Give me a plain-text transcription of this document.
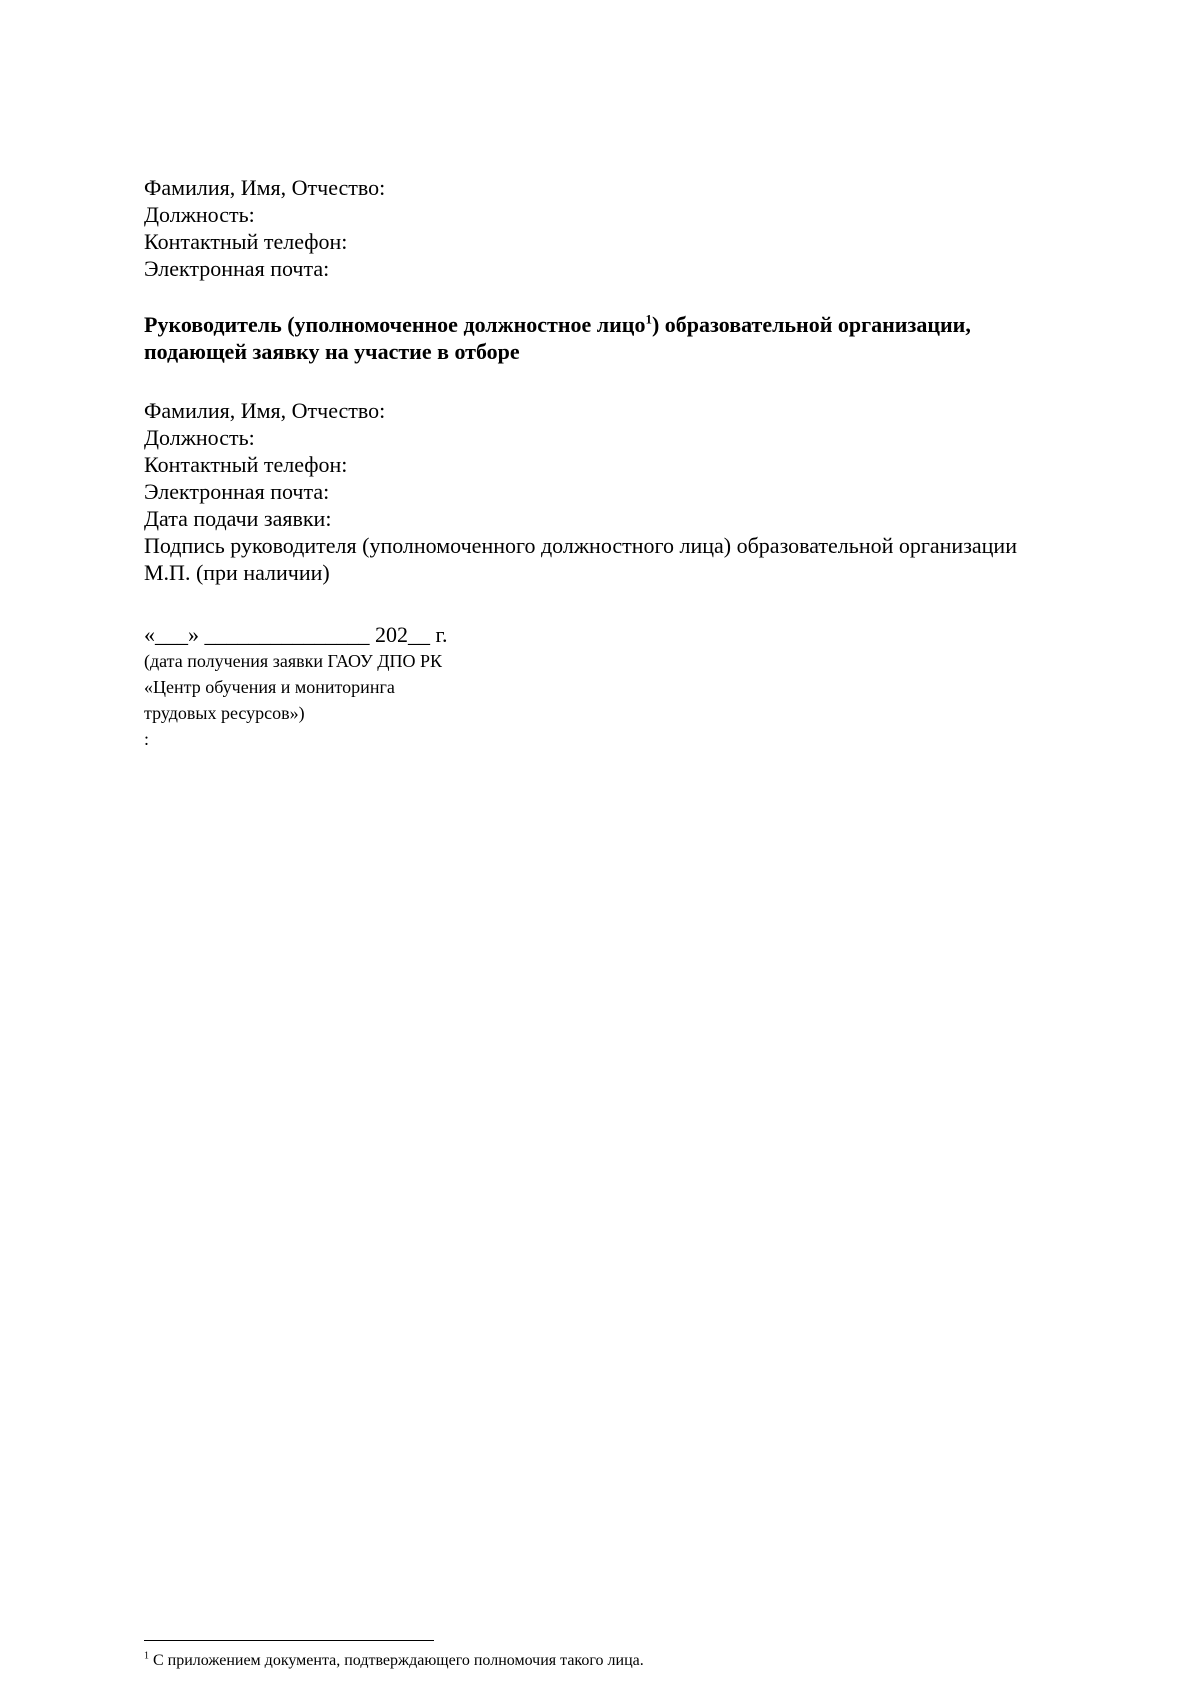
Фамилия, Имя, Отчество:
Должность:
Контактный телефон:
Электронная почта:
Руководитель (уполномоченное должностное лицо$^1$) образовательной организации,
подающей заявку на участие в отборе
Фамилия, Имя, Отчество:
Должность:
Контактный телефон:
Электронная почта:
Дата подачи заявки:
Подпись руководителя (уполномоченного должностного лица) образовательной организации
М.П. (при наличии)
«___» _______________ 202__ г.
(дата получения заявки ГАОУ ДПО РК
«Центр обучения и мониторинга
трудовых ресурсов»)
:
$^1$ С приложением документа, подтверждающего полномочия такого лица.
